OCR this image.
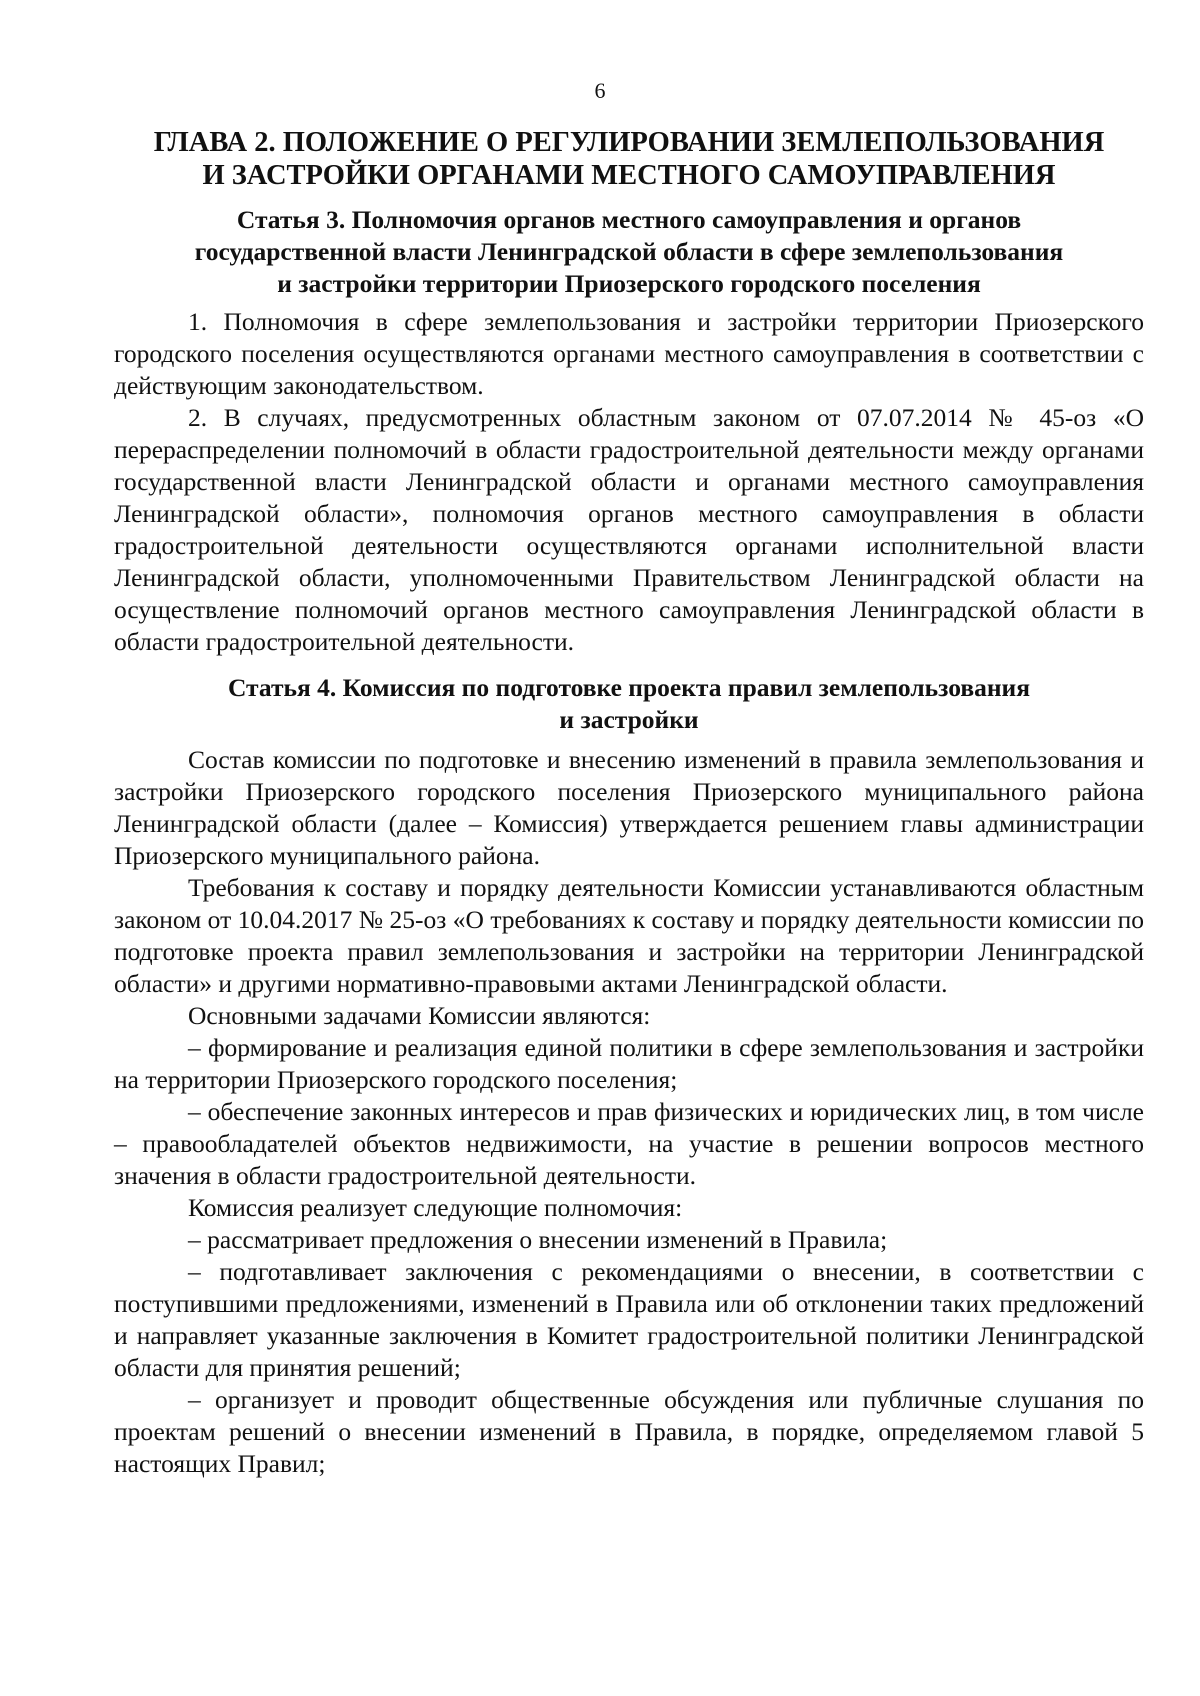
6
ГЛАВА 2. ПОЛОЖЕНИЕ О РЕГУЛИРОВАНИИ ЗЕМЛЕПОЛЬЗОВАНИЯ
И ЗАСТРОЙКИ ОРГАНАМИ МЕСТНОГО САМОУПРАВЛЕНИЯ
Статья 3. Полномочия органов местного самоуправления и органов
государственной власти Ленинградской области в сфере землепользования
и застройки территории Приозерского городского поселения

1. Полномочия в сфере землепользования и застройки территории Приозерского городского поселения осуществляются органами местного самоуправления в соответствии с действующим законодательством.

2. В случаях, предусмотренных областным законом от 07.07.2014 № 45-оз «О перераспределении полномочий в области градостроительной деятельности между органами государственной власти Ленинградской области и органами местного самоуправления Ленинградской области», полномочия органов местного самоуправления в области градостроительной деятельности осуществляются органами исполнительной власти Ленинградской области, уполномоченными Правительством Ленинградской области на осуществление полномочий органов местного самоуправления Ленинградской области в области градостроительной деятельности.

Статья 4. Комиссия по подготовке проекта правил землепользования
и застройки

Состав комиссии по подготовке и внесению изменений в правила землепользования и застройки Приозерского городского поселения Приозерского муниципального района Ленинградской области (далее – Комиссия) утверждается решением главы администрации Приозерского муниципального района.

Требования к составу и порядку деятельности Комиссии устанавливаются областным законом от 10.04.2017 № 25-оз «О требованиях к составу и порядку деятельности комиссии по подготовке проекта правил землепользования и застройки на территории Ленинградской области» и другими нормативно-правовыми актами Ленинградской области.

Основными задачами Комиссии являются:

– формирование и реализация единой политики в сфере землепользования и застройки на территории Приозерского городского поселения;

– обеспечение законных интересов и прав физических и юридических лиц, в том числе – правообладателей объектов недвижимости, на участие в решении вопросов местного значения в области градостроительной деятельности.

Комиссия реализует следующие полномочия:

– рассматривает предложения о внесении изменений в Правила;

– подготавливает заключения с рекомендациями о внесении, в соответствии с поступившими предложениями, изменений в Правила или об отклонении таких предложений и направляет указанные заключения в Комитет градостроительной политики Ленинградской области для принятия решений;

– организует и проводит общественные обсуждения или публичные слушания по проектам решений о внесении изменений в Правила, в порядке, определяемом главой 5 настоящих Правил;
